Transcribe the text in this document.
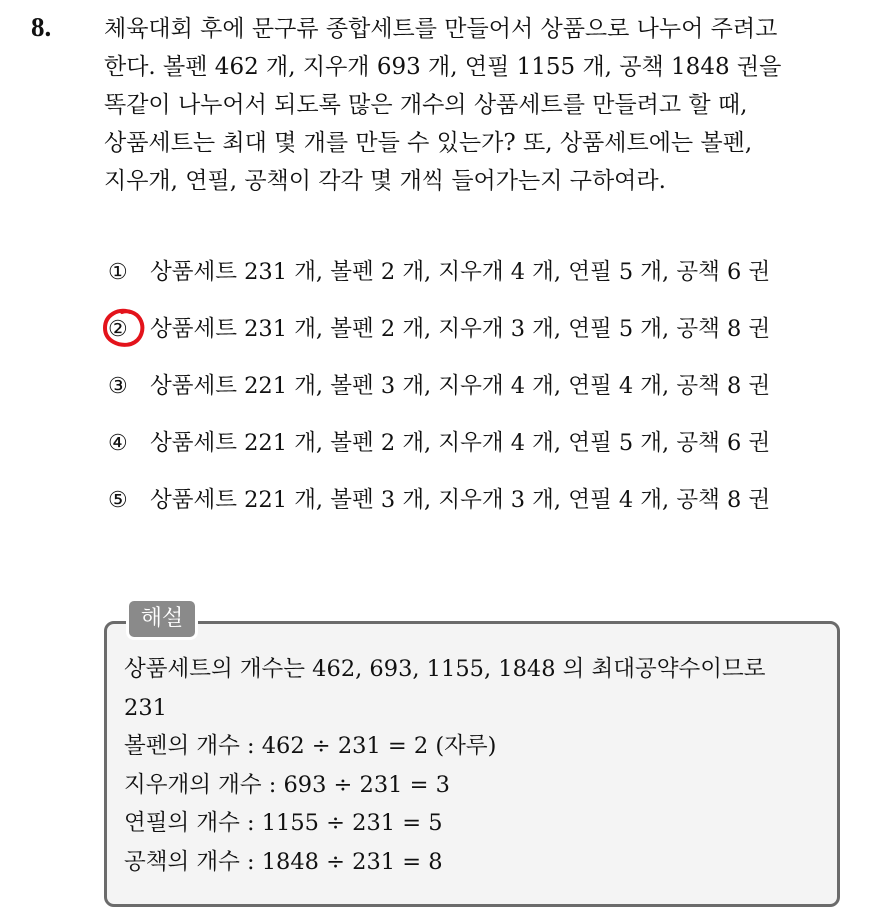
8. 체육대회 후에 문구류 종합세트를 만들어서 상품으로 나누어 주려고
한다. 볼펜 462 개, 지우개 693 개, 연필 1155 개, 공책 1848 권을
똑같이 나누어서 되도록 많은 개수의 상품세트를 만들려고 할 때,
상품세트는 최대 몇 개를 만들 수 있는가? 또, 상품세트에는 볼펜,
지우개, 연필, 공책이 각각 몇 개씩 들어가는지 구하여라.
① 상품세트 231 개, 볼펜 2 개, 지우개 4 개, 연필 5 개, 공책 6 권
② 상품세트 231 개, 볼펜 2 개, 지우개 3 개, 연필 5 개, 공책 8 권
③ 상품세트 221 개, 볼펜 3 개, 지우개 4 개, 연필 4 개, 공책 8 권
④ 상품세트 221 개, 볼펜 2 개, 지우개 4 개, 연필 5 개, 공책 6 권
⑤ 상품세트 221 개, 볼펜 3 개, 지우개 3 개, 연필 4 개, 공책 8 권
해설
상품세트의 개수는 462, 693, 1155, 1848 의 최대공약수이므로
231
볼펜의 개수 : 462 ÷ 231 = 2 (자루)
지우개의 개수 : 693 ÷ 231 = 3
연필의 개수 : 1155 ÷ 231 = 5
공책의 개수 : 1848 ÷ 231 = 8
